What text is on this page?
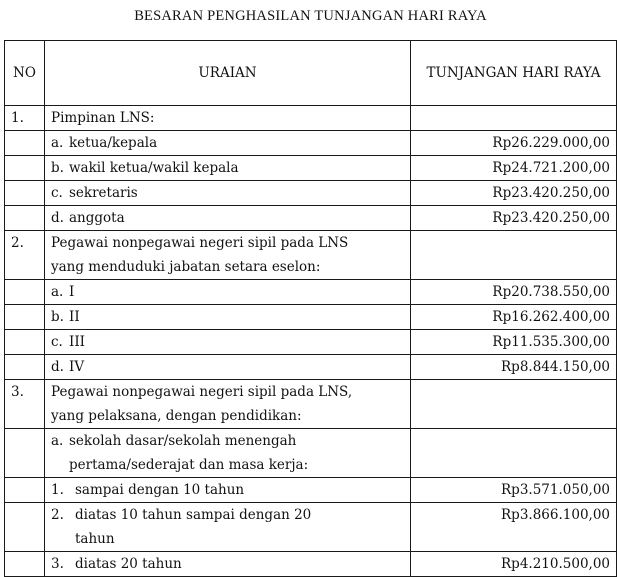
BESARAN PENGHASILAN TUNJANGAN HARI RAYA
NO	URAIAN	TUNJANGAN HARI RAYA
1.	Pimpinan LNS:	
	a. ketua/kepala	Rp26.229.000,00
	b. wakil ketua/wakil kepala	Rp24.721.200,00
	c. sekretaris	Rp23.420.250,00
	d. anggota	Rp23.420.250,00
2.	Pegawai nonpegawai negeri sipil pada LNS
yang menduduki jabatan setara eselon:	

	a. I	Rp20.738.550,00
	b. II	Rp16.262.400,00
	c. III	Rp11.535.300,00
	d. IV	Rp8.844.150,00
3.	Pegawai nonpegawai negeri sipil pada LNS,
yang pelaksana, dengan pendidikan:	

	a. sekolah dasar/sekolah menengah
pertama/sederajat dan masa kerja:	

	1. sampai dengan 10 tahun	Rp3.571.050,00
	2. diatas 10 tahun sampai dengan 20
tahun	Rp3.866.100,00
	3. diatas 20 tahun	Rp4.210.500,00
